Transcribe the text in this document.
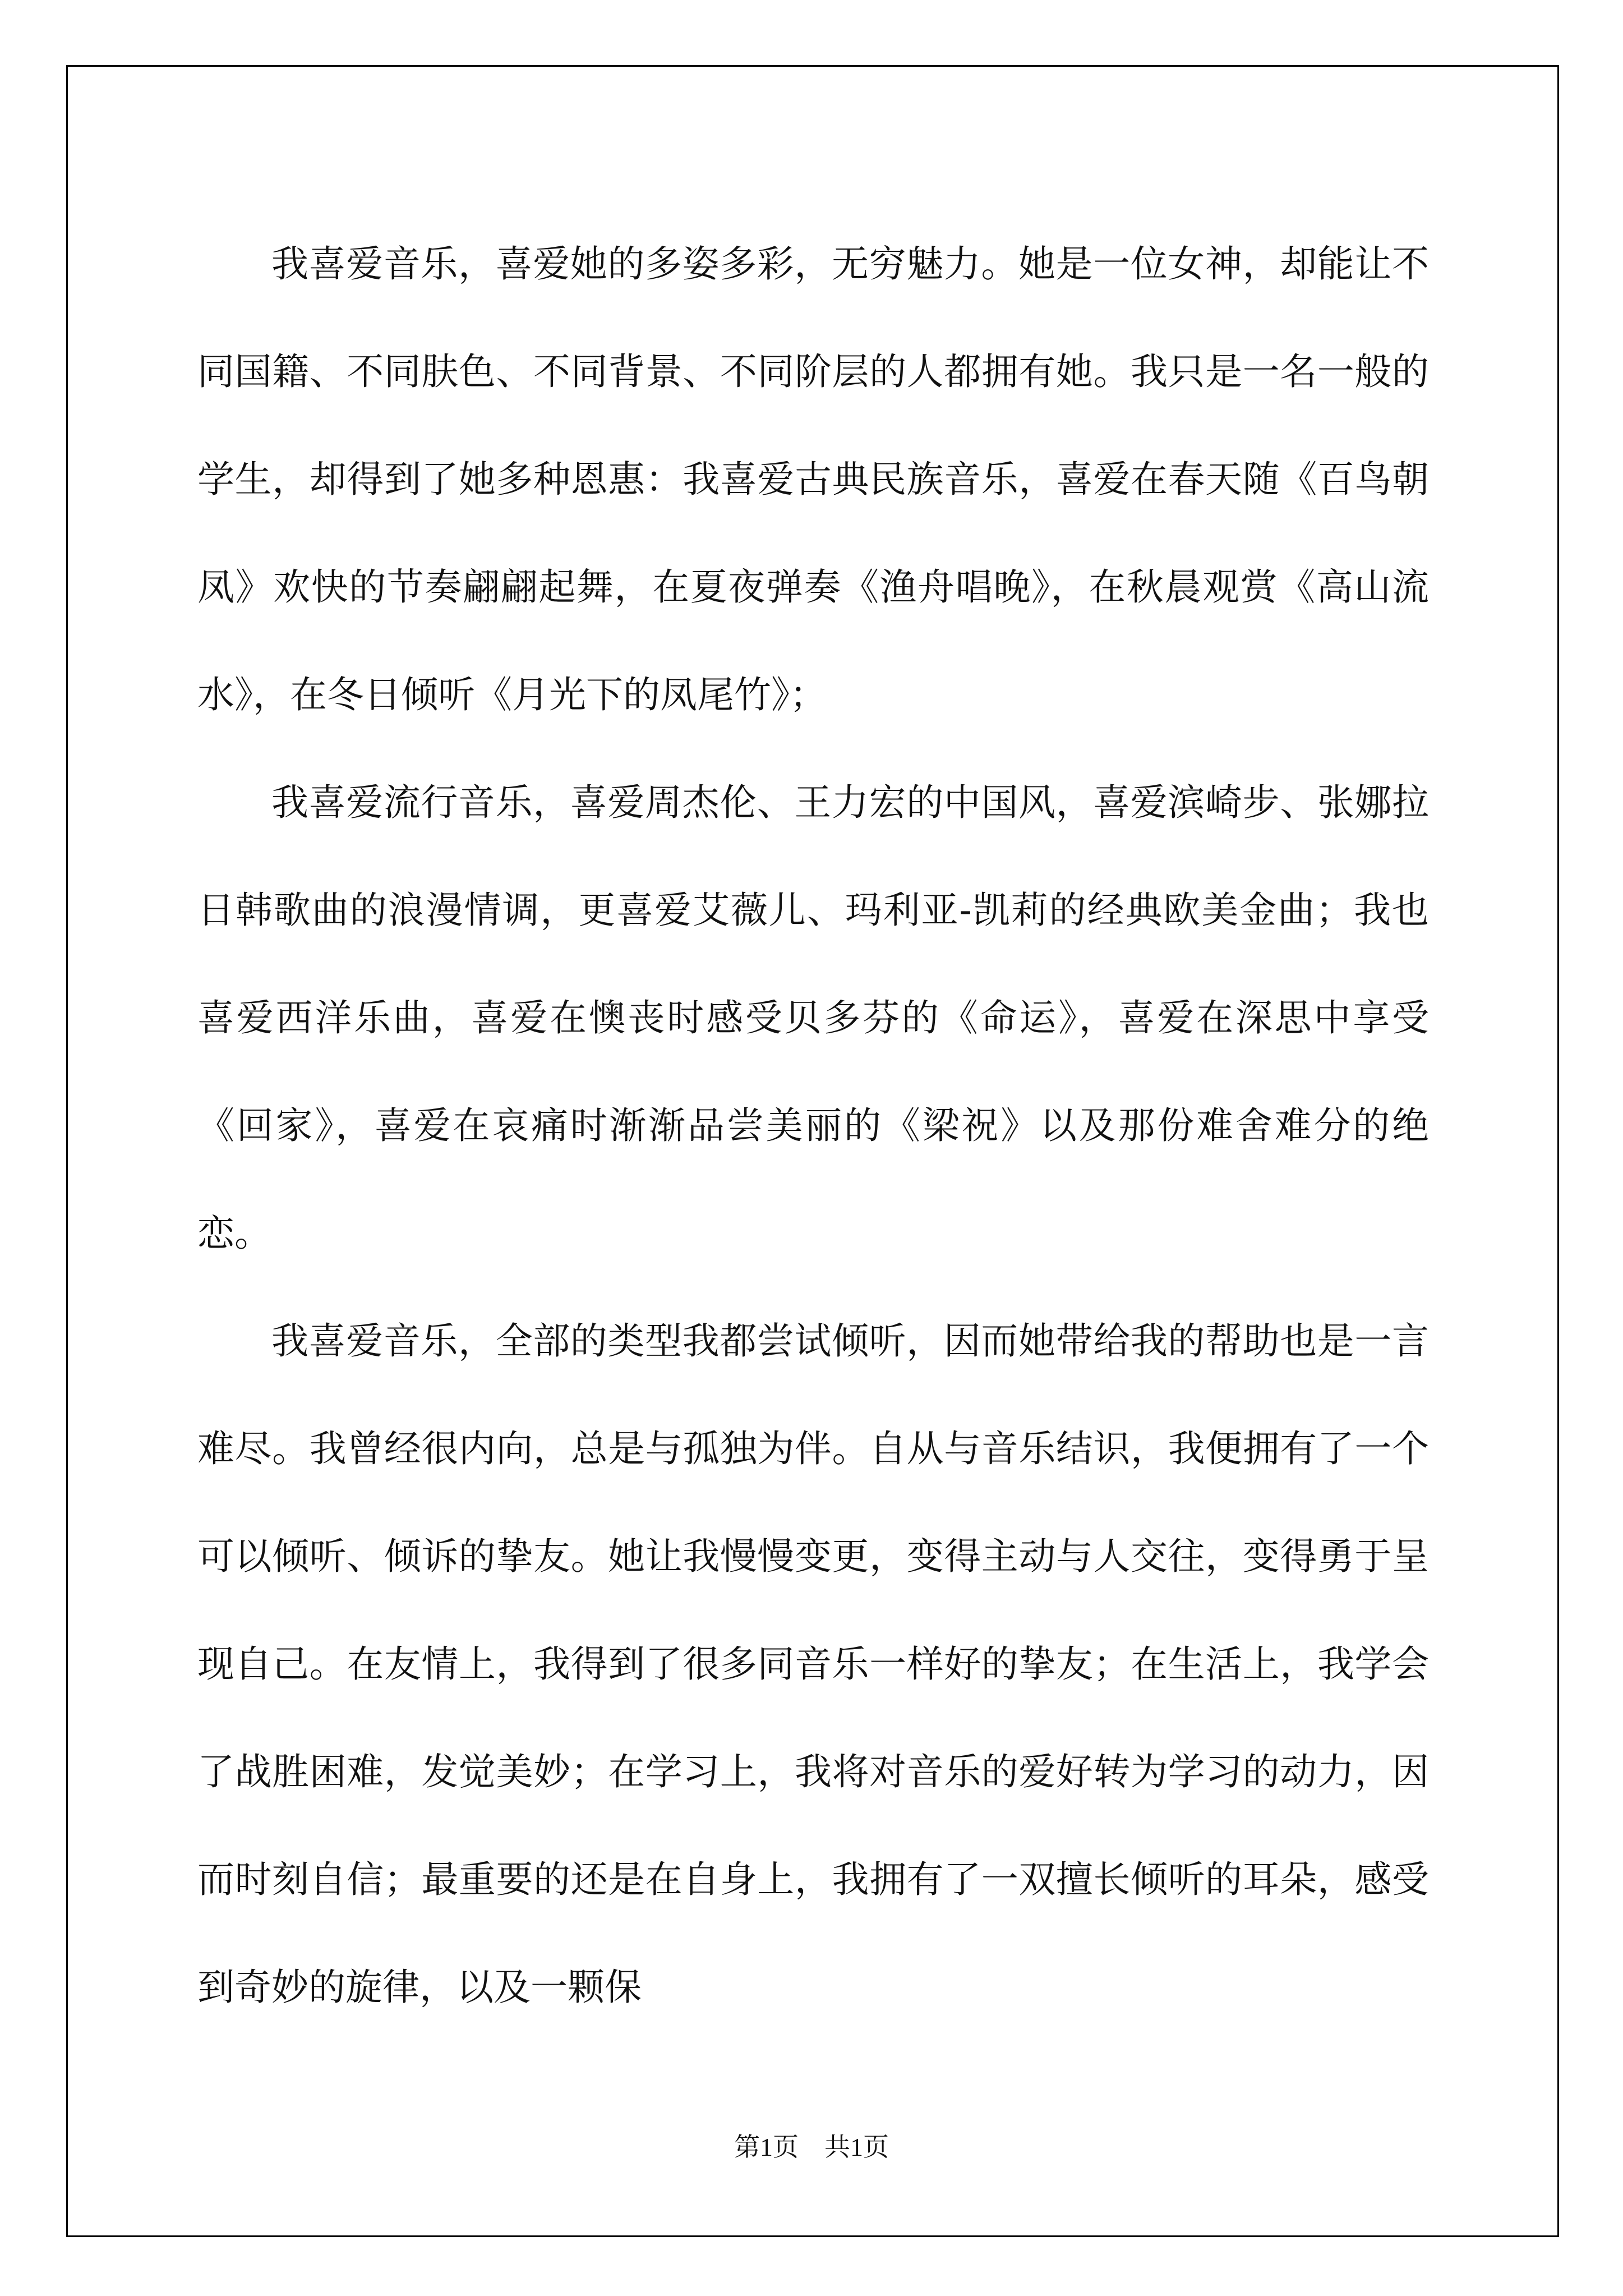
我喜爱音乐，喜爱她的多姿多彩，无穷魅力。她是一位女神，却能让不同国籍、不同肤色、不同背景、不同阶层的人都拥有她。我只是一名一般的学生，却得到了她多种恩惠：我喜爱古典民族音乐，喜爱在春天随《百鸟朝凤》欢快的节奏翩翩起舞，在夏夜弹奏《渔舟唱晚》，在秋晨观赏《高山流水》，在冬日倾听《月光下的凤尾竹》；

我喜爱流行音乐，喜爱周杰伦、王力宏的中国风，喜爱滨崎步、张娜拉日韩歌曲的浪漫情调，更喜爱艾薇儿、玛利亚-凯莉的经典欧美金曲；我也喜爱西洋乐曲，喜爱在懊丧时感受贝多芬的《命运》，喜爱在深思中享受《回家》，喜爱在哀痛时渐渐品尝美丽的《梁祝》以及那份难舍难分的绝恋。

我喜爱音乐，全部的类型我都尝试倾听，因而她带给我的帮助也是一言难尽。我曾经很内向，总是与孤独为伴。自从与音乐结识，我便拥有了一个可以倾听、倾诉的挚友。她让我慢慢变更，变得主动与人交往，变得勇于呈现自己。在友情上，我得到了很多同音乐一样好的挚友；在生活上，我学会了战胜困难，发觉美妙；在学习上，我将对音乐的爱好转为学习的动力，因而时刻自信；最重要的还是在自身上，我拥有了一双擅长倾听的耳朵，感受到奇妙的旋律，以及一颗保

第1页　共1页
